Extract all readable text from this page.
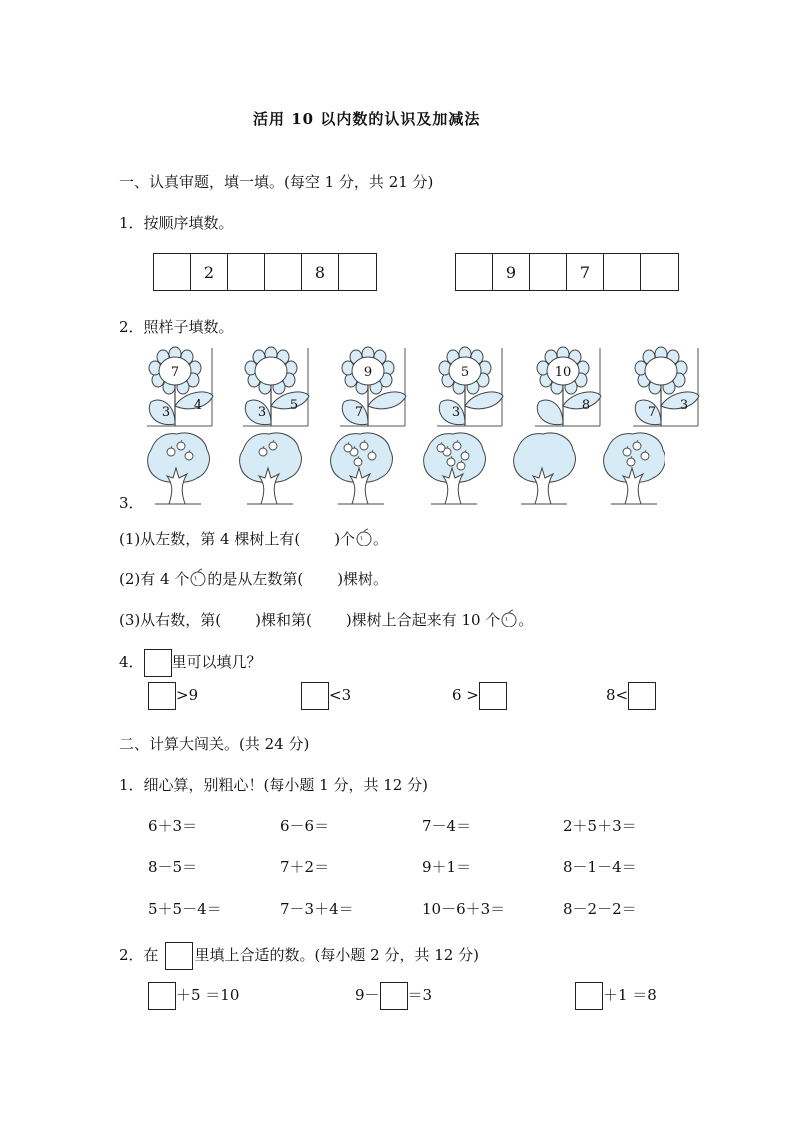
活用 10 以内数的认识及加减法
一、认真审题，填一填。(每空 1 分，共 21 分)
1．按顺序填数。
2	8	9	7
2．照样子填数。
7
3 4	3 5
9
7
5
3
10
8	7 3
3．
(1)从左数，第 4 棵树上有( )个 。
(2)有 4 个 的是从左数第( )棵树。
(3)从右数，第( )棵和第( )棵树上合起来有 10 个 。
4． 里可以填几？
>9	<3	6 >	8<
二、计算大闯关。(共 24 分)
1．细心算，别粗心！(每小题 1 分，共 12 分)
6＋3＝	6－6＝	7－4＝	2＋5＋3＝
8－5＝	7＋2＝	9＋1＝	8－1－4＝
5＋5－4＝	7－3＋4＝	10－6＋3＝	8－2－2＝
2．在 里填上合适的数。(每小题 2 分，共 12 分)
＋5 ＝10	9－ ＝3	＋1 ＝8
